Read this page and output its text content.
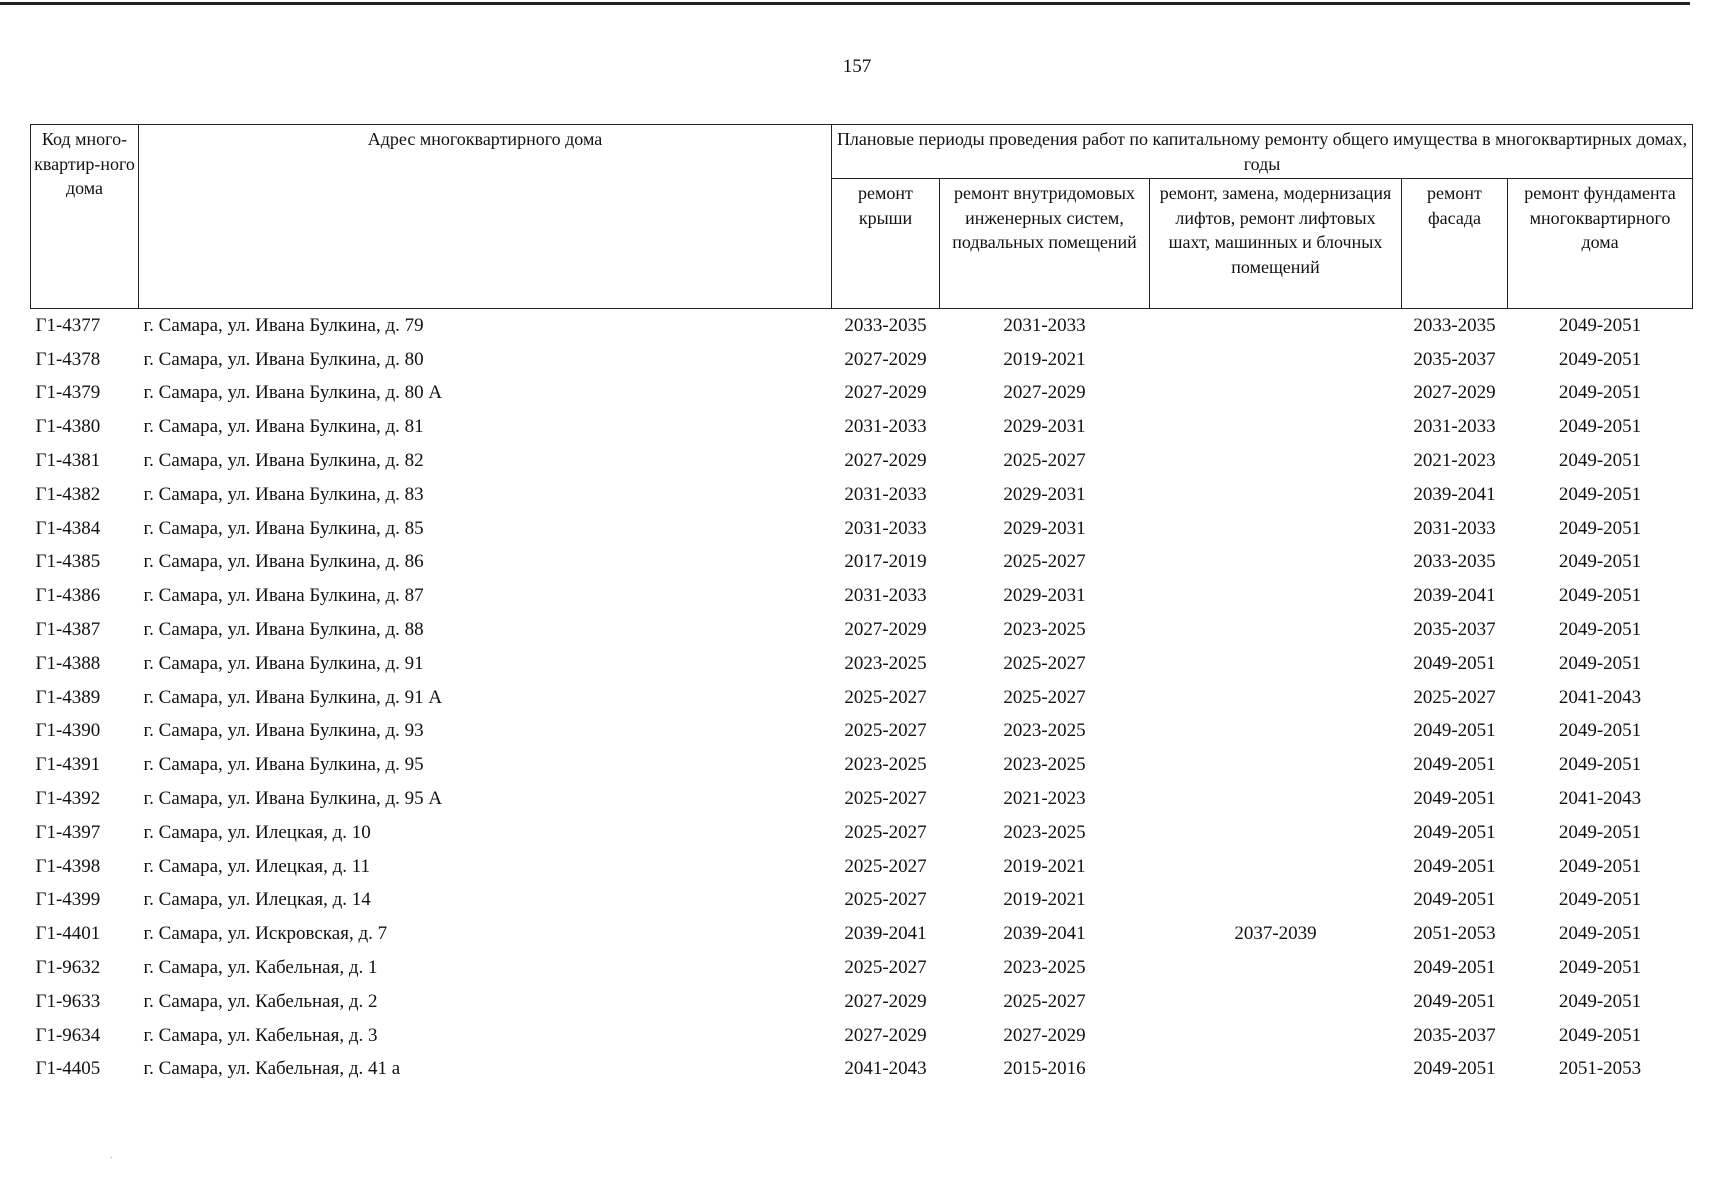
157
Код много-квартир-ного дома	Адрес многоквартирного дома	Плановые периоды проведения работ по капитальному ремонту общего имущества в многоквартирных домах, годы				
		ремонт крыши	ремонт внутридомовых инженерных систем, подвальных помещений	ремонт, замена, модернизация лифтов, ремонт лифтовых шахт, машинных и блочных помещений	ремонт фасада	ремонт фундамента многоквартирного дома
Г1-4377	г. Самара, ул. Ивана Булкина, д. 79	2033-2035	2031-2033		2033-2035	2049-2051
Г1-4378	г. Самара, ул. Ивана Булкина, д. 80	2027-2029	2019-2021		2035-2037	2049-2051
Г1-4379	г. Самара, ул. Ивана Булкина, д. 80 А	2027-2029	2027-2029		2027-2029	2049-2051
Г1-4380	г. Самара, ул. Ивана Булкина, д. 81	2031-2033	2029-2031		2031-2033	2049-2051
Г1-4381	г. Самара, ул. Ивана Булкина, д. 82	2027-2029	2025-2027		2021-2023	2049-2051
Г1-4382	г. Самара, ул. Ивана Булкина, д. 83	2031-2033	2029-2031		2039-2041	2049-2051
Г1-4384	г. Самара, ул. Ивана Булкина, д. 85	2031-2033	2029-2031		2031-2033	2049-2051
Г1-4385	г. Самара, ул. Ивана Булкина, д. 86	2017-2019	2025-2027		2033-2035	2049-2051
Г1-4386	г. Самара, ул. Ивана Булкина, д. 87	2031-2033	2029-2031		2039-2041	2049-2051
Г1-4387	г. Самара, ул. Ивана Булкина, д. 88	2027-2029	2023-2025		2035-2037	2049-2051
Г1-4388	г. Самара, ул. Ивана Булкина, д. 91	2023-2025	2025-2027		2049-2051	2049-2051
Г1-4389	г. Самара, ул. Ивана Булкина, д. 91 А	2025-2027	2025-2027		2025-2027	2041-2043
Г1-4390	г. Самара, ул. Ивана Булкина, д. 93	2025-2027	2023-2025		2049-2051	2049-2051
Г1-4391	г. Самара, ул. Ивана Булкина, д. 95	2023-2025	2023-2025		2049-2051	2049-2051
Г1-4392	г. Самара, ул. Ивана Булкина, д. 95 А	2025-2027	2021-2023		2049-2051	2041-2043
Г1-4397	г. Самара, ул. Илецкая, д. 10	2025-2027	2023-2025		2049-2051	2049-2051
Г1-4398	г. Самара, ул. Илецкая, д. 11	2025-2027	2019-2021		2049-2051	2049-2051
Г1-4399	г. Самара, ул. Илецкая, д. 14	2025-2027	2019-2021		2049-2051	2049-2051
Г1-4401	г. Самара, ул. Искровская, д. 7	2039-2041	2039-2041	2037-2039	2051-2053	2049-2051
Г1-9632	г. Самара, ул. Кабельная, д. 1	2025-2027	2023-2025		2049-2051	2049-2051
Г1-9633	г. Самара, ул. Кабельная, д. 2	2027-2029	2025-2027		2049-2051	2049-2051
Г1-9634	г. Самара, ул. Кабельная, д. 3	2027-2029	2027-2029		2035-2037	2049-2051
Г1-4405	г. Самара, ул. Кабельная, д. 41 а	2041-2043	2015-2016		2049-2051	2051-2053
.
